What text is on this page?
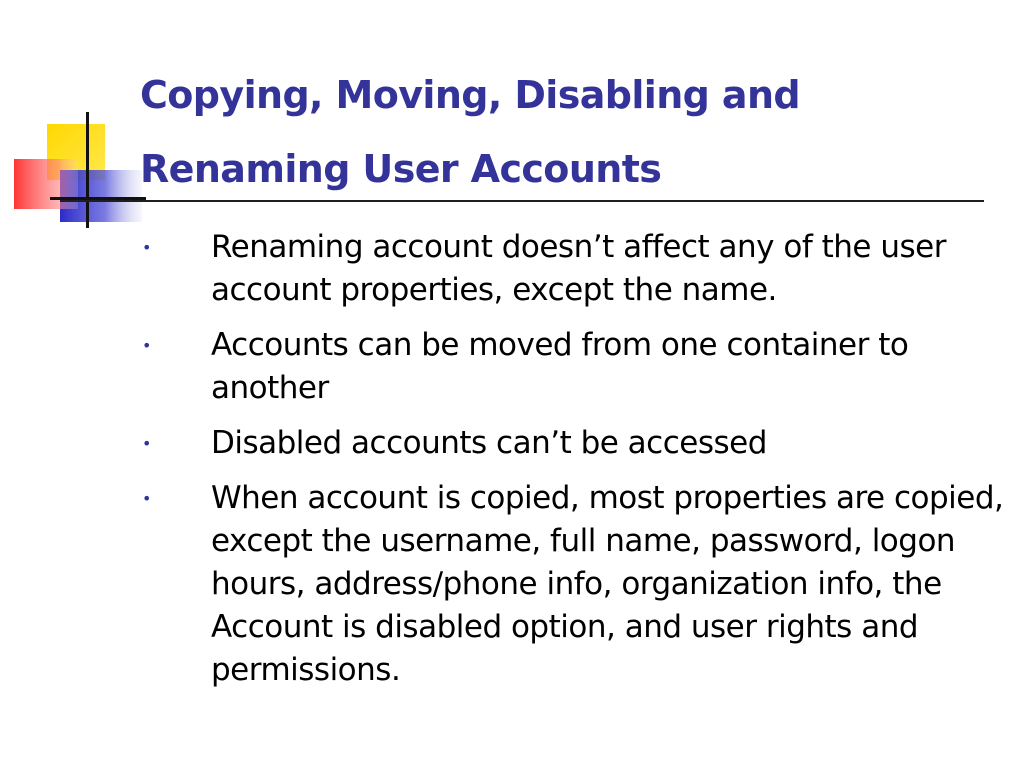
Copying, Moving, Disabling and
Renaming User Accounts
• Renaming account doesn’t affect any of the user account properties, except the name.
• Accounts can be moved from one container to another
• Disabled accounts can’t be accessed
• When account is copied, most properties are copied, except the username, full name, password, logon hours, address/phone info, organization info, the Account is disabled option, and user rights and permissions.
